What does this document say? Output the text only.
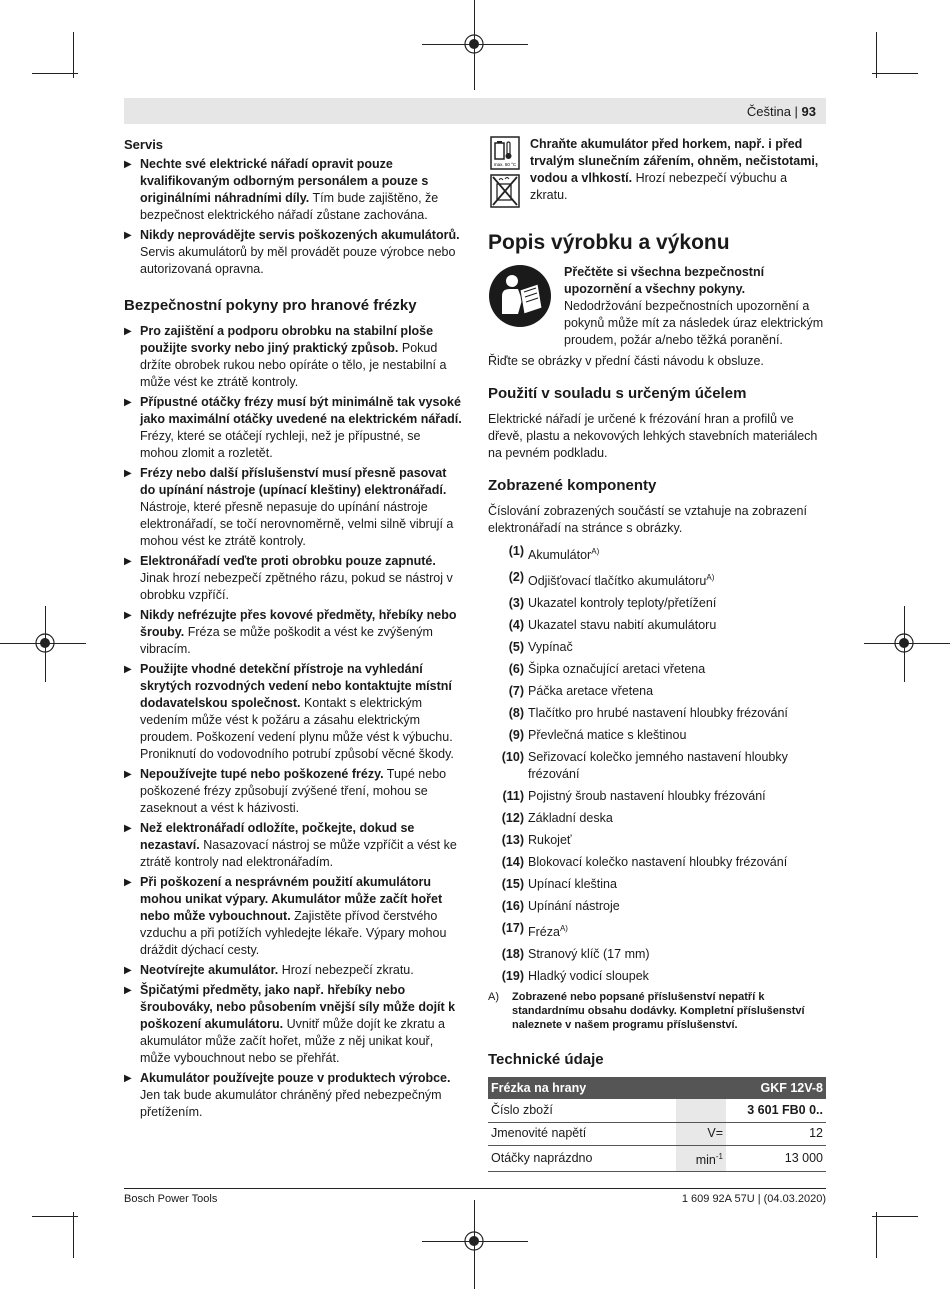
Čeština | 93
Servis
▶ Nechte své elektrické nářadí opravit pouze kvalifikovaným odborným personálem a pouze s originálními náhradními díly. Tím bude zajištěno, že bezpečnost elektrického nářadí zůstane zachována.
▶ Nikdy neprovádějte servis poškozených akumulátorů. Servis akumulátorů by měl provádět pouze výrobce nebo autorizovaná opravna.
Bezpečnostní pokyny pro hranové frézky
▶ Pro zajištění a podporu obrobku na stabilní ploše použijte svorky nebo jiný praktický způsob. Pokud držíte obrobek rukou nebo opíráte o tělo, je nestabilní a může vést ke ztrátě kontroly.
▶ Přípustné otáčky frézy musí být minimálně tak vysoké jako maximální otáčky uvedené na elektrickém nářadí. Frézy, které se otáčejí rychleji, než je přípustné, se mohou zlomit a rozletět.
▶ Frézy nebo další příslušenství musí přesně pasovat do upínání nástroje (upínací kleštiny) elektronářadí. Nástroje, které přesně nepasuje do upínání nástroje elektronářadí, se točí nerovnoměrně, velmi silně vibrují a mohou vést ke ztrátě kontroly.
▶ Elektronářadí veďte proti obrobku pouze zapnuté. Jinak hrozí nebezpečí zpětného rázu, pokud se nástroj v obrobku vzpříčí.
▶ Nikdy nefrézujte přes kovové předměty, hřebíky nebo šrouby. Fréza se může poškodit a vést ke zvýšeným vibracím.
▶ Použijte vhodné detekční přístroje na vyhledání skrytých rozvodných vedení nebo kontaktujte místní dodavatelskou společnost. Kontakt s elektrickým vedením může vést k požáru a zásahu elektrickým proudem. Poškození vedení plynu může vést k výbuchu. Proniknutí do vodovodního potrubí způsobí věcné škody.
▶ Nepoužívejte tupé nebo poškozené frézy. Tupé nebo poškozené frézy způsobují zvýšené tření, mohou se zaseknout a vést k házivosti.
▶ Než elektronářadí odložíte, počkejte, dokud se nezastaví. Nasazovací nástroj se může vzpříčit a vést ke ztrátě kontroly nad elektronářadím.
▶ Při poškození a nesprávném použití akumulátoru mohou unikat výpary. Akumulátor může začít hořet nebo může vybouchnout. Zajistěte přívod čerstvého vzduchu a při potížích vyhledejte lékaře. Výpary mohou dráždit dýchací cesty.
▶ Neotvírejte akumulátor. Hrozí nebezpečí zkratu.
▶ Špičatými předměty, jako např. hřebíky nebo šroubováky, nebo působením vnější síly může dojít k poškození akumulátoru. Uvnitř může dojít ke zkratu a akumulátor může začít hořet, může z něj unikat kouř, může vybouchnout nebo se přehřát.
▶ Akumulátor používejte pouze v produktech výrobce. Jen tak bude akumulátor chráněný před nebezpečným přetížením.
max. 50 °C
Chraňte akumulátor před horkem, např. i před trvalým slunečním zářením, ohněm, nečistotami, vodou a vlhkostí. Hrozí nebezpečí výbuchu a zkratu.
Popis výrobku a výkonu
Přečtěte si všechna bezpečnostní upozornění a všechny pokyny. Nedodržování bezpečnostních upozornění a pokynů může mít za následek úraz elektrickým proudem, požár a/nebo těžká poranění.
Řiďte se obrázky v přední části návodu k obsluze.
Použití v souladu s určeným účelem
Elektrické nářadí je určené k frézování hran a profilů ve dřevě, plastu a nekovových lehkých stavebních materiálech na pevném podkladu.
Zobrazené komponenty
Číslování zobrazených součástí se vztahuje na zobrazení elektronářadí na stránce s obrázky.
(1) Akumulátor$^{A)}$
(2) Odjišťovací tlačítko akumulátoru$^{A)}$
(3) Ukazatel kontroly teploty/přetížení
(4) Ukazatel stavu nabití akumulátoru
(5) Vypínač
(6) Šipka označující aretaci vřetena
(7) Páčka aretace vřetena
(8) Tlačítko pro hrubé nastavení hloubky frézování
(9) Převlečná matice s kleštinou
(10) Seřizovací kolečko jemného nastavení hloubky frézování
(11) Pojistný šroub nastavení hloubky frézování
(12) Základní deska
(13) Rukojeť
(14) Blokovací kolečko nastavení hloubky frézování
(15) Upínací kleština
(16) Upínání nástroje
(17) Fréza$^{A)}$
(18) Stranový klíč (17 mm)
(19) Hladký vodicí sloupek
A)	Zobrazené nebo popsané příslušenství nepatří k standardnímu obsahu dodávky. Kompletní příslušenství naleznete v našem programu příslušenství.
Technické údaje
Frézka na hrany		GKF 12V-8
Číslo zboží		3 601 FB0 0..
Jmenovité napětí	V=	12
Otáčky naprázdno	$\min^{-1}$	13 000
Bosch Power Tools	1 609 92A 57U | (04.03.2020)
